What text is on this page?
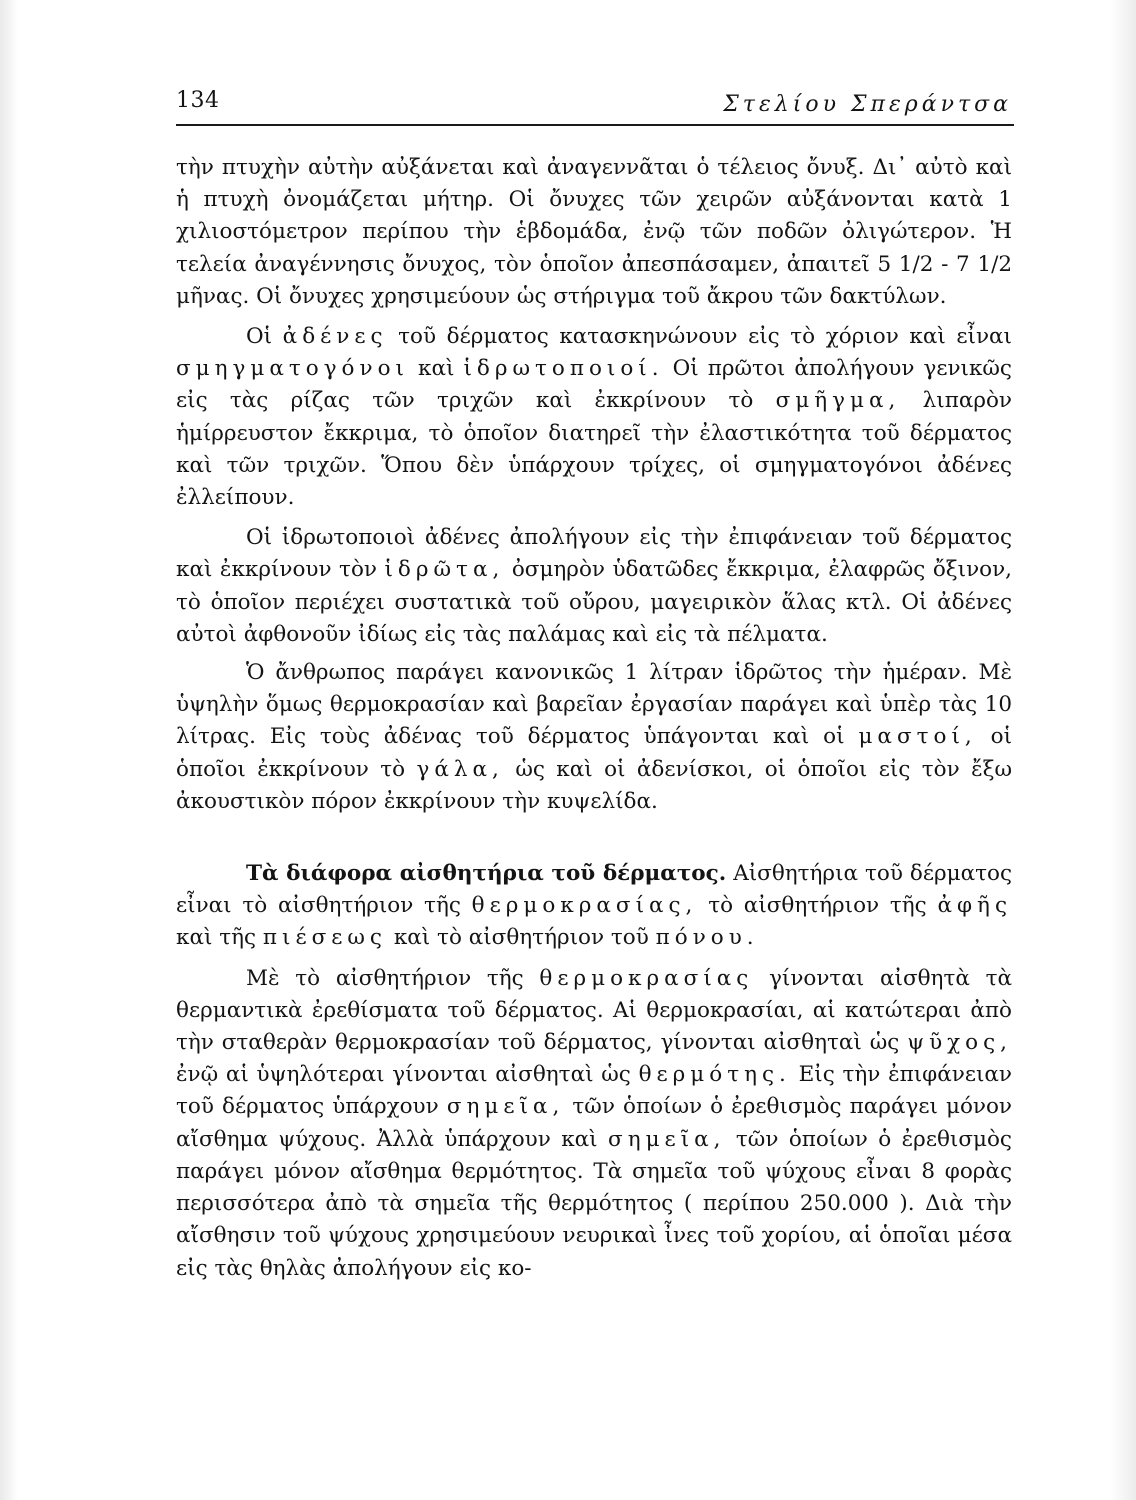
134	Στελίου Σπεράντσα

τὴν πτυχὴν αὐτὴν αὐξάνεται καὶ ἀναγεννᾶται ὁ τέλειος ὄνυξ. Δι᾽ αὐτὸ καὶ ἡ πτυχὴ ὀνομάζεται μήτηρ. Οἱ ὄνυχες τῶν χειρῶν αὐξάνονται κατὰ 1 χιλιοστόμετρον περίπου τὴν ἑβδομάδα, ἐνῷ τῶν ποδῶν ὀλιγώτερον. Ἡ τελεία ἀναγέννησις ὄνυχος, τὸν ὁποῖον ἀπεσπάσαμεν, ἀπαιτεῖ 5 1/2 - 7 1/2 μῆνας. Οἱ ὄνυχες χρησιμεύουν ὡς στήριγμα τοῦ ἄκρου τῶν δακτύλων.

Οἱ ἀδένες τοῦ δέρματος κατασκηνώνουν εἰς τὸ χόριον καὶ εἶναι σμηγματογόνοι καὶ ἱδρωτοποιοί. Οἱ πρῶτοι ἀπολήγουν γενικῶς εἰς τὰς ρίζας τῶν τριχῶν καὶ ἐκκρίνουν τὸ σμῆγμα, λιπαρὸν ἡμίρρευστον ἔκκριμα, τὸ ὁποῖον διατηρεῖ τὴν ἐλαστικότητα τοῦ δέρματος καὶ τῶν τριχῶν. Ὅπου δὲν ὑπάρχουν τρίχες, οἱ σμηγματογόνοι ἀδένες ἐλλείπουν.

Οἱ ἱδρωτοποιοὶ ἀδένες ἀπολήγουν εἰς τὴν ἐπιφάνειαν τοῦ δέρματος καὶ ἐκκρίνουν τὸν ἱδρῶτα, ὀσμηρὸν ὑδατῶδες ἔκκριμα, ἐλαφρῶς ὄξινον, τὸ ὁποῖον περιέχει συστατικὰ τοῦ οὔρου, μαγειρικὸν ἅλας κτλ. Οἱ ἀδένες αὐτοὶ ἀφθονοῦν ἰδίως εἰς τὰς παλάμας καὶ εἰς τὰ πέλματα.

Ὁ ἄνθρωπος παράγει κανονικῶς 1 λίτραν ἱδρῶτος τὴν ἡμέραν. Μὲ ὑψηλὴν ὅμως θερμοκρασίαν καὶ βαρεῖαν ἐργασίαν παράγει καὶ ὑπὲρ τὰς 10 λίτρας. Εἰς τοὺς ἀδένας τοῦ δέρματος ὑπάγονται καὶ οἱ μαστοί, οἱ ὁποῖοι ἐκκρίνουν τὸ γάλα, ὡς καὶ οἱ ἀδενίσκοι, οἱ ὁποῖοι εἰς τὸν ἔξω ἀκουστικὸν πόρον ἐκκρίνουν τὴν κυψελίδα.

Τὰ διάφορα αἰσθητήρια τοῦ δέρματος. Αἰσθητήρια τοῦ δέρματος εἶναι τὸ αἰσθητήριον τῆς θερμοκρασίας, τὸ αἰσθητήριον τῆς ἀφῆς καὶ τῆς πιέσεως καὶ τὸ αἰσθητήριον τοῦ πόνου.

Μὲ τὸ αἰσθητήριον τῆς θερμοκρασίας γίνονται αἰσθητὰ τὰ θερμαντικὰ ἐρεθίσματα τοῦ δέρματος. Αἱ θερμοκρασίαι, αἱ κατώτεραι ἀπὸ τὴν σταθερὰν θερμοκρασίαν τοῦ δέρματος, γίνονται αἰσθηταὶ ὡς ψῦχος, ἐνῷ αἱ ὑψηλότεραι γίνονται αἰσθηταὶ ὡς θερμότης. Εἰς τὴν ἐπιφάνειαν τοῦ δέρματος ὑπάρχουν σημεῖα, τῶν ὁποίων ὁ ἐρεθισμὸς παράγει μόνον αἴσθημα ψύχους. Ἀλλὰ ὑπάρχουν καὶ σημεῖα, τῶν ὁποίων ὁ ἐρεθισμὸς παράγει μόνον αἴσθημα θερμότητος. Τὰ σημεῖα τοῦ ψύχους εἶναι 8 φορὰς περισσότερα ἀπὸ τὰ σημεῖα τῆς θερμότητος ( περίπου 250.000 ). Διὰ τὴν αἴσθησιν τοῦ ψύχους χρησιμεύουν νευρικαὶ ἶνες τοῦ χορίου, αἱ ὁποῖαι μέσα εἰς τὰς θηλὰς ἀπολήγουν εἰς κο-
